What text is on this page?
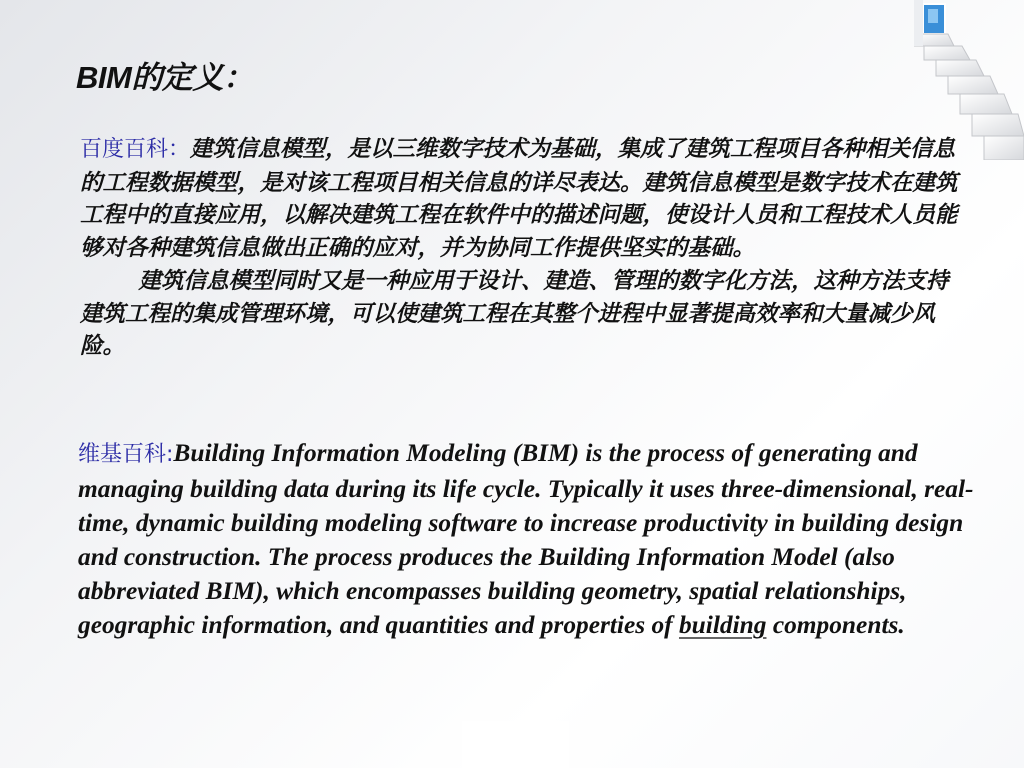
BIM的定义：

百度百科：建筑信息模型，是以三维数字技术为基础，集成了建筑工程项目各种相关信息的工程数据模型，是对该工程项目相关信息的详尽表达。建筑信息模型是数字技术在建筑工程中的直接应用，以解决建筑工程在软件中的描述问题，使设计人员和工程技术人员能够对各种建筑信息做出正确的应对，并为协同工作提供坚实的基础。

建筑信息模型同时又是一种应用于设计、建造、管理的数字化方法，这种方法支持建筑工程的集成管理环境，可以使建筑工程在其整个进程中显著提高效率和大量减少风险。

维基百科:Building Information Modeling (BIM) is the process of generating and managing building data during its life cycle. Typically it uses three-dimensional, real-time, dynamic building modeling software to increase productivity in building design and construction. The process produces the Building Information Model (also abbreviated BIM), which encompasses building geometry, spatial relationships, geographic information, and quantities and properties of building components.
